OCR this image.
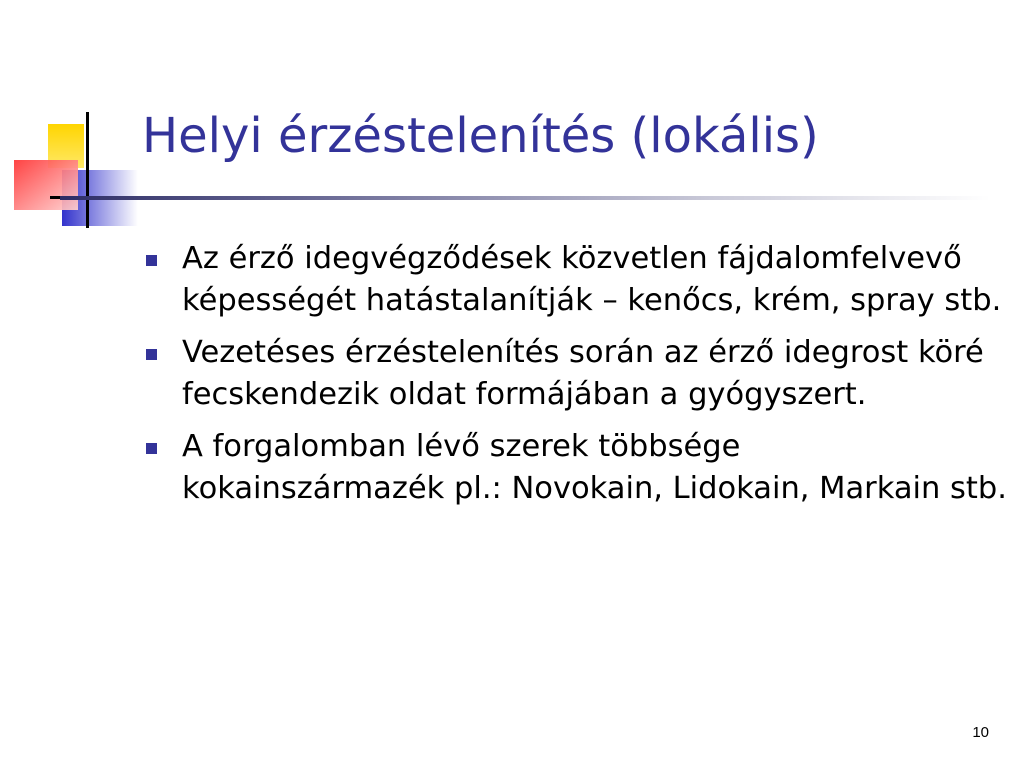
Helyi érzéstelenítés (lokális)
Az érző idegvégződések közvetlen fájdalomfelvevő képességét hatástalanítják – kenőcs, krém, spray stb.
Vezetéses érzéstelenítés során az érző idegrost köré fecskendezik oldat formájában a gyógyszert.
A forgalomban lévő szerek többsége kokainszármazék pl.: Novokain, Lidokain, Markain stb.
10
